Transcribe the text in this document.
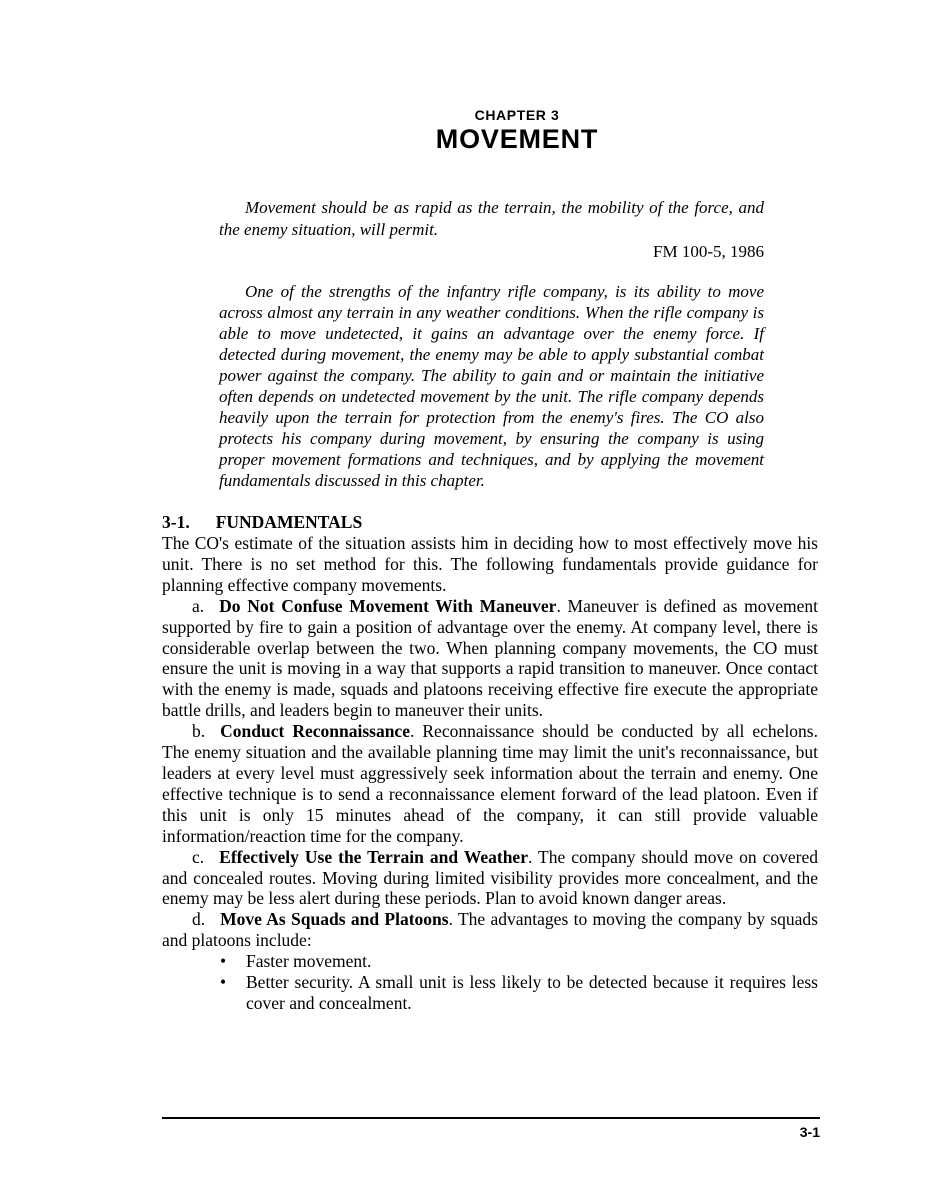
CHAPTER 3
MOVEMENT

Movement should be as rapid as the terrain, the mobility of the force, and the enemy situation, will permit.

FM 100-5, 1986

One of the strengths of the infantry rifle company, is its ability to move across almost any terrain in any weather conditions. When the rifle company is able to move undetected, it gains an advantage over the enemy force. If detected during movement, the enemy may be able to apply substantial combat power against the company. The ability to gain and or maintain the initiative often depends on undetected movement by the unit. The rifle company depends heavily upon the terrain for protection from the enemy's fires. The CO also protects his company during movement, by ensuring the company is using proper movement formations and techniques, and by applying the movement fundamentals discussed in this chapter.

3-1. FUNDAMENTALS

The CO's estimate of the situation assists him in deciding how to most effectively move his unit. There is no set method for this. The following fundamentals provide guidance for planning effective company movements.

a. Do Not Confuse Movement With Maneuver. Maneuver is defined as movement supported by fire to gain a position of advantage over the enemy. At company level, there is considerable overlap between the two. When planning company movements, the CO must ensure the unit is moving in a way that supports a rapid transition to maneuver. Once contact with the enemy is made, squads and platoons receiving effective fire execute the appropriate battle drills, and leaders begin to maneuver their units.

b. Conduct Reconnaissance. Reconnaissance should be conducted by all echelons. The enemy situation and the available planning time may limit the unit's reconnaissance, but leaders at every level must aggressively seek information about the terrain and enemy. One effective technique is to send a reconnaissance element forward of the lead platoon. Even if this unit is only 15 minutes ahead of the company, it can still provide valuable information/reaction time for the company.

c. Effectively Use the Terrain and Weather. The company should move on covered and concealed routes. Moving during limited visibility provides more concealment, and the enemy may be less alert during these periods. Plan to avoid known danger areas.

d. Move As Squads and Platoons. The advantages to moving the company by squads and platoons include:

• Faster movement.
• Better security. A small unit is less likely to be detected because it requires less cover and concealment.
3-1
